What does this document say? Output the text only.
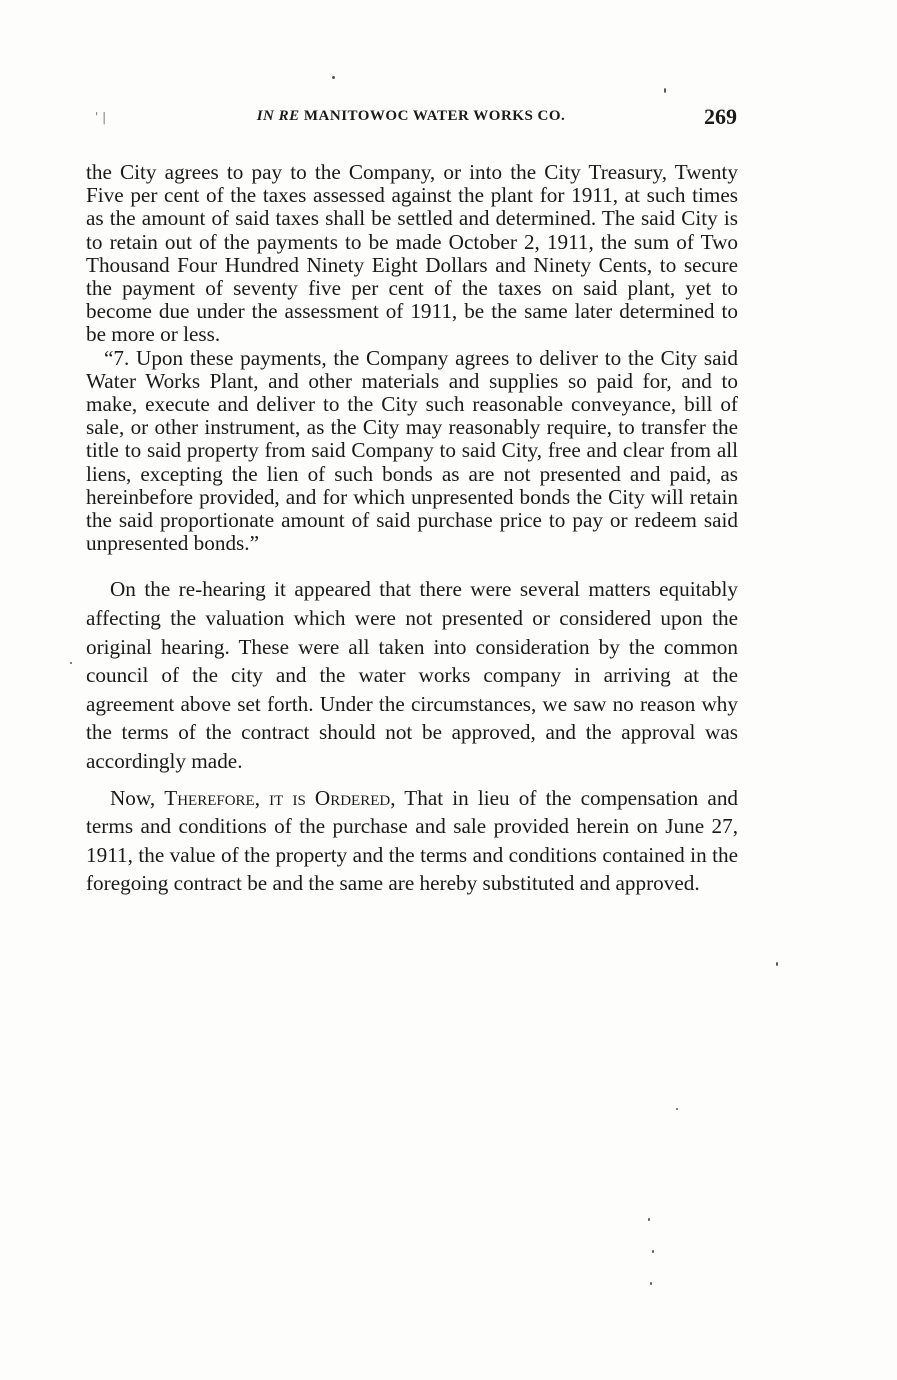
' |	IN RE MANITOWOC WATER WORKS CO.	269

the City agrees to pay to the Company, or into the City Treasury, Twenty Five per cent of the taxes assessed against the plant for 1911, at such times as the amount of said taxes shall be settled and determined. The said City is to retain out of the payments to be made October 2, 1911, the sum of Two Thousand Four Hundred Ninety Eight Dollars and Ninety Cents, to secure the payment of seventy five per cent of the taxes on said plant, yet to become due under the assessment of 1911, be the same later determined to be more or less.

“7. Upon these payments, the Company agrees to deliver to the City said Water Works Plant, and other materials and supplies so paid for, and to make, execute and deliver to the City such reasonable conveyance, bill of sale, or other instrument, as the City may reasonably require, to transfer the title to said property from said Company to said City, free and clear from all liens, excepting the lien of such bonds as are not presented and paid, as hereinbefore provided, and for which unpresented bonds the City will retain the said proportionate amount of said purchase price to pay or redeem said unpresented bonds.”

On the re-hearing it appeared that there were several matters equitably affecting the valuation which were not presented or considered upon the original hearing. These were all taken into consideration by the common council of the city and the water works company in arriving at the agreement above set forth. Under the circumstances, we saw no reason why the terms of the contract should not be approved, and the approval was accordingly made.

Now, Therefore, it is Ordered, That in lieu of the compensation and terms and conditions of the purchase and sale provided herein on June 27, 1911, the value of the property and the terms and conditions contained in the foregoing contract be and the same are hereby substituted and approved.
